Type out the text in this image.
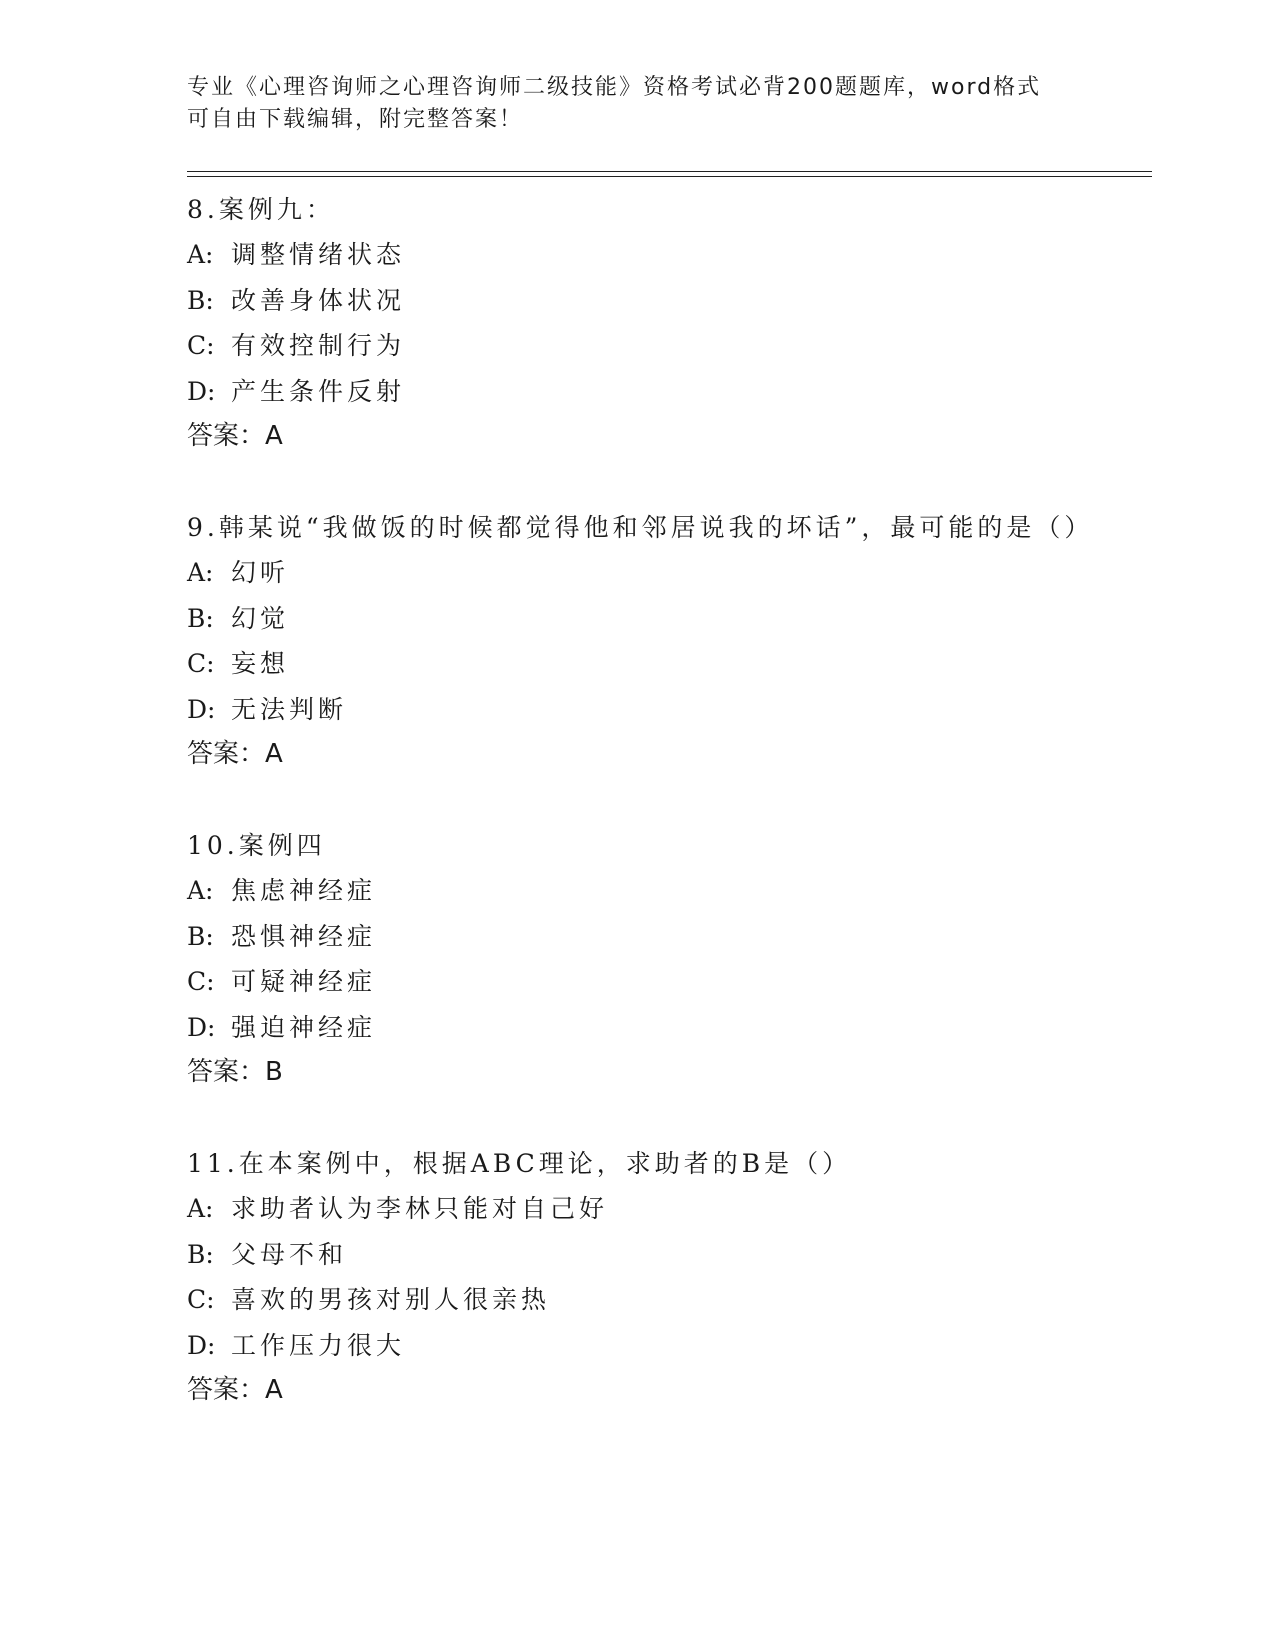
专业《心理咨询师之心理咨询师二级技能》资格考试必背200题题库，word格式
可自由下载编辑，附完整答案！

8.案例九：

A: 调整情绪状态

B: 改善身体状况

C: 有效控制行为

D: 产生条件反射

答案：A

9.韩某说“我做饭的时候都觉得他和邻居说我的坏话”，最可能的是（）

A: 幻听

B: 幻觉

C: 妄想

D: 无法判断

答案：A

10.案例四

A: 焦虑神经症

B: 恐惧神经症

C: 可疑神经症

D: 强迫神经症

答案：B

11.在本案例中，根据ABC理论，求助者的B是（）

A: 求助者认为李林只能对自己好

B: 父母不和

C: 喜欢的男孩对别人很亲热

D: 工作压力很大

答案：A
